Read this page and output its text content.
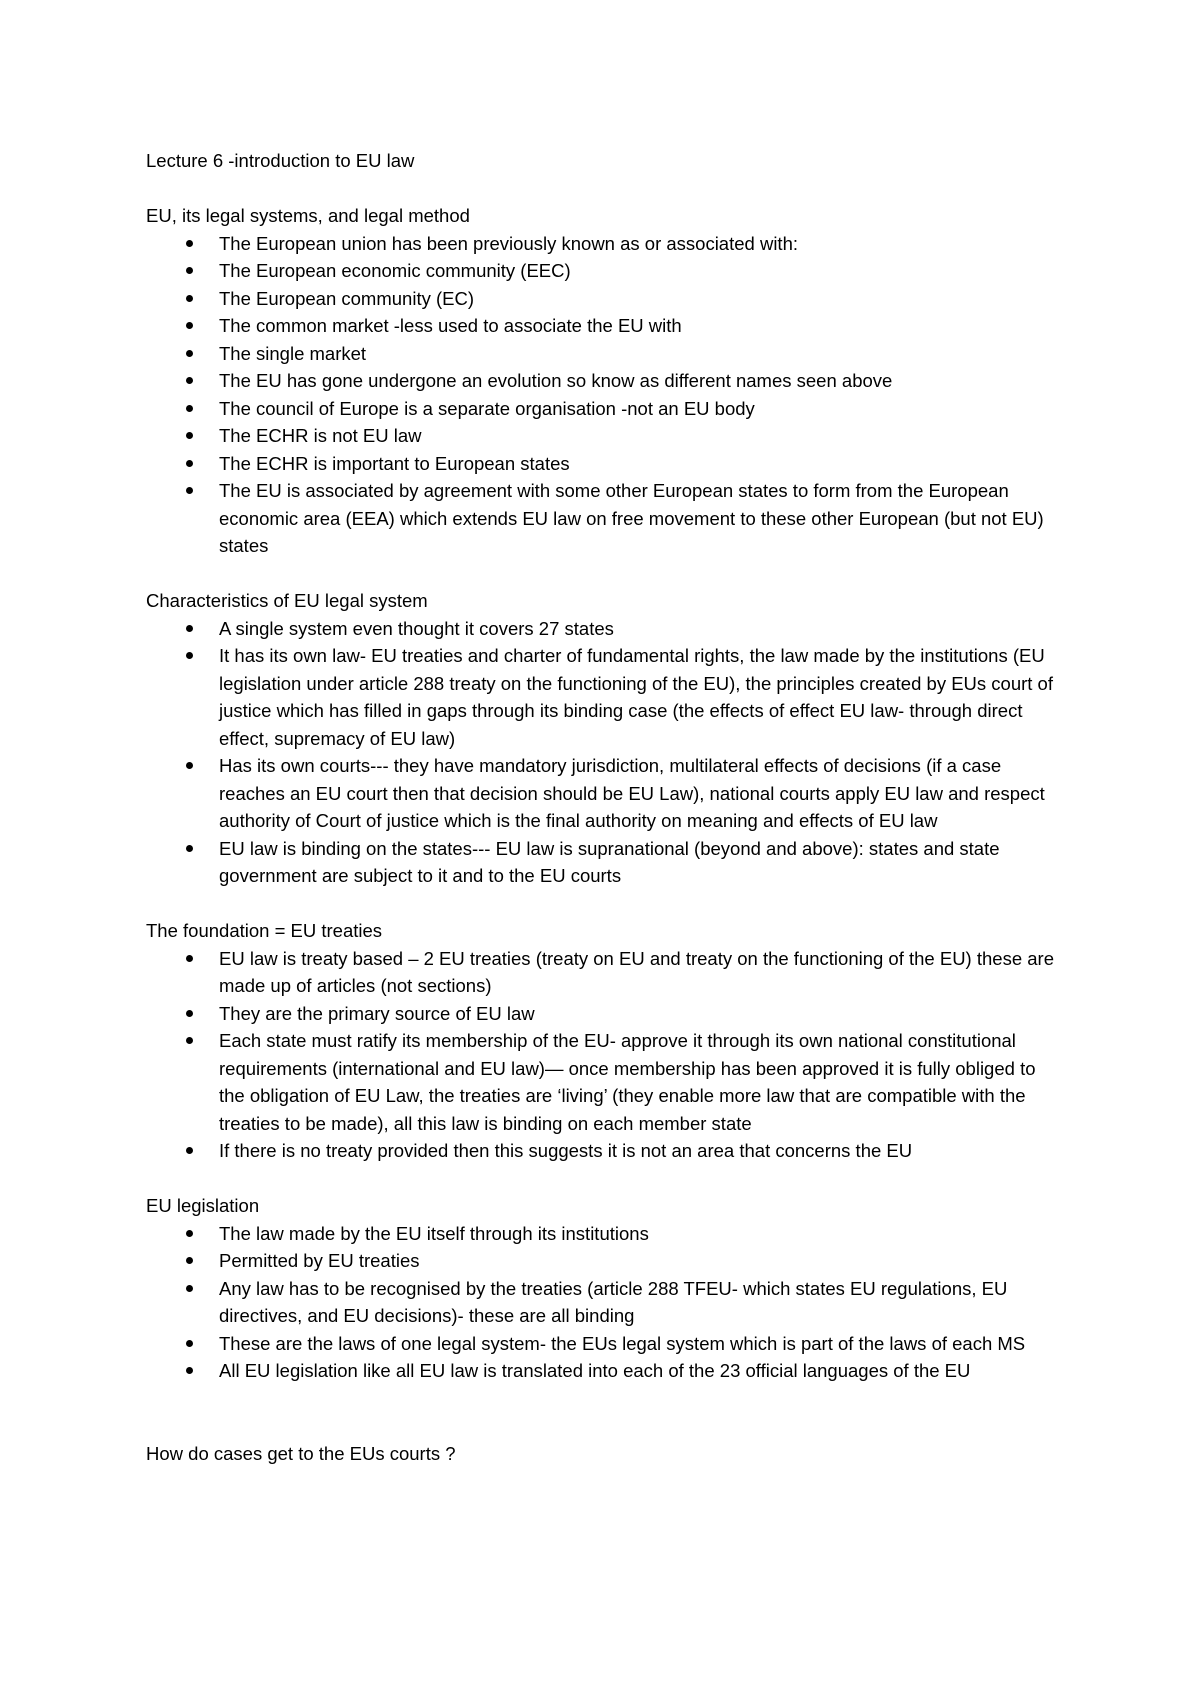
Lecture 6 -introduction to EU law

EU, its legal systems, and legal method

The European union has been previously known as or associated with:
The European economic community (EEC)
The European community (EC)
The common market -less used to associate the EU with
The single market
The EU has gone undergone an evolution so know as different names seen above
The council of Europe is a separate organisation -not an EU body
The ECHR is not EU law
The ECHR is important to European states
The EU is associated by agreement with some other European states to form from the European economic area (EEA) which extends EU law on free movement to these other European (but not EU) states

Characteristics of EU legal system

A single system even thought it covers 27 states
It has its own law- EU treaties and charter of fundamental rights, the law made by the institutions (EU legislation under article 288 treaty on the functioning of the EU), the principles created by EUs court of justice which has filled in gaps through its binding case (the effects of effect EU law- through direct effect, supremacy of EU law)
Has its own courts--- they have mandatory jurisdiction, multilateral effects of decisions (if a case reaches an EU court then that decision should be EU Law), national courts apply EU law and respect authority of Court of justice which is the final authority on meaning and effects of EU law
EU law is binding on the states--- EU law is supranational (beyond and above): states and state government are subject to it and to the EU courts

The foundation = EU treaties

EU law is treaty based – 2 EU treaties (treaty on EU and treaty on the functioning of the EU) these are made up of articles (not sections)
They are the primary source of EU law
Each state must ratify its membership of the EU- approve it through its own national constitutional requirements (international and EU law)— once membership has been approved it is fully obliged to the obligation of EU Law, the treaties are ‘living’ (they enable more law that are compatible with the treaties to be made), all this law is binding on each member state
If there is no treaty provided then this suggests it is not an area that concerns the EU

EU legislation

The law made by the EU itself through its institutions
Permitted by EU treaties
Any law has to be recognised by the treaties (article 288 TFEU- which states EU regulations, EU directives, and EU decisions)- these are all binding
These are the laws of one legal system- the EUs legal system which is part of the laws of each MS
All EU legislation like all EU law is translated into each of the 23 official languages of the EU

How do cases get to the EUs courts ?
